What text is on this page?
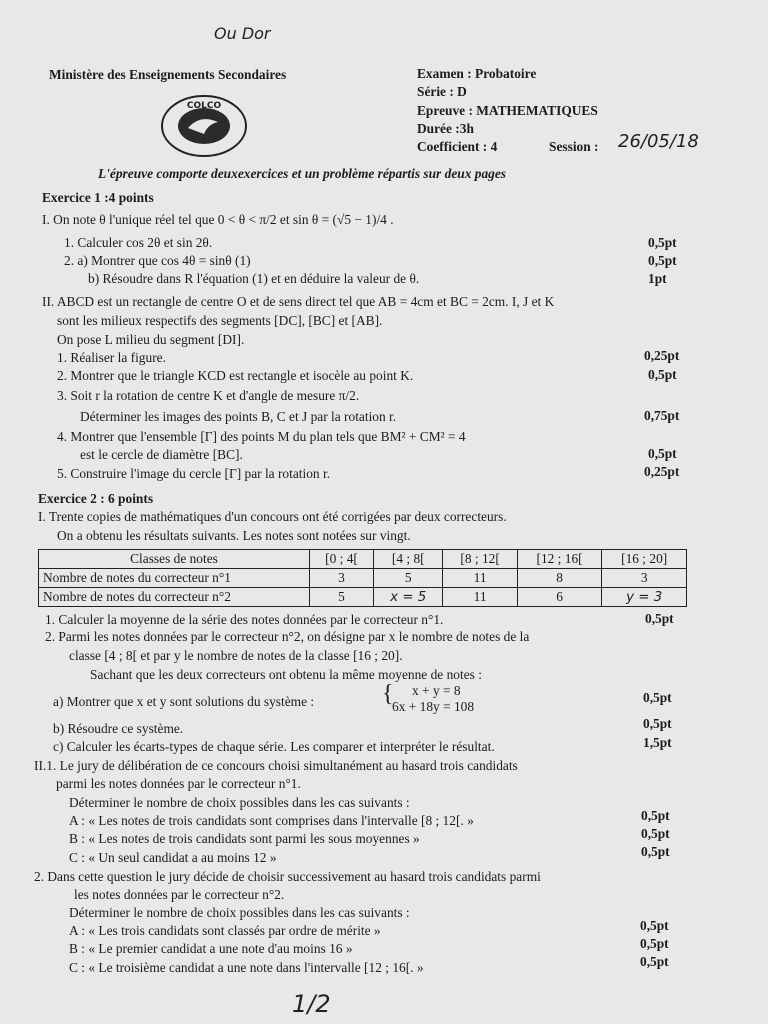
Ou Dor
Ministère des Enseignements Secondaires
COLCO
Examen : Probatoire
Série : D
Epreuve : MATHEMATIQUES
Durée :3h
Coefficient : 4	Session : 26/05/18
L'épreuve comporte deuxexercices et un problème répartis sur deux pages
Exercice 1 :4 points
I. On note θ l'unique réel tel que 0 < θ < π/2 et sin θ = (√5 − 1)/4 .
1. Calculer cos 2θ et sin 2θ.	0,5pt
2. a) Montrer que cos 4θ = sinθ (1)	0,5pt
b) Résoudre dans R l'équation (1) et en déduire la valeur de θ.	1pt
II. ABCD est un rectangle de centre O et de sens direct tel que AB = 4cm et BC = 2cm. I, J et K
sont les milieux respectifs des segments [DC], [BC] et [AB].
On pose L milieu du segment [DI].
1. Réaliser la figure.	0,25pt
2. Montrer que le triangle KCD est rectangle et isocèle au point K.	0,5pt
3. Soit r la rotation de centre K et d'angle de mesure π/2.
Déterminer les images des points B, C et J par la rotation r.	0,75pt
4. Montrer que l'ensemble [Γ] des points M du plan tels que BM² + CM² = 4
est le cercle de diamètre [BC].	0,5pt
5. Construire l'image du cercle [Γ] par la rotation r.	0,25pt
Exercice 2 : 6 points
I. Trente copies de mathématiques d'un concours ont été corrigées par deux correcteurs.
On a obtenu les résultats suivants. Les notes sont notées sur vingt.
Classes de notes	[0 ; 4[	[4 ; 8[	[8 ; 12[	[12 ; 16[	[16 ; 20]
Nombre de notes du correcteur n°1	3	5	11	8	3
Nombre de notes du correcteur n°2	5	x = 5	11	6	y = 3
1. Calculer la moyenne de la série des notes données par le correcteur n°1.	0,5pt
2. Parmi les notes données par le correcteur n°2, on désigne par x le nombre de notes de la
classe [4 ; 8[ et par y le nombre de notes de la classe [16 ; 20].
Sachant que les deux correcteurs ont obtenu la même moyenne de notes :
a) Montrer que x et y sont solutions du système :	{ x + y = 8
6x + 18y = 108
0,5pt
b) Résoudre ce système.	0,5pt
c) Calculer les écarts-types de chaque série. Les comparer et interpréter le résultat.	1,5pt
II.1. Le jury de délibération de ce concours choisi simultanément au hasard trois candidats
parmi les notes données par le correcteur n°1.
Déterminer le nombre de choix possibles dans les cas suivants :
A : « Les notes de trois candidats sont comprises dans l'intervalle [8 ; 12[. »	0,5pt
B : « Les notes de trois candidats sont parmi les sous moyennes »	0,5pt
C : « Un seul candidat a au moins 12 »	0,5pt
2. Dans cette question le jury décide de choisir successivement au hasard trois candidats parmi
les notes données par le correcteur n°2.
Déterminer le nombre de choix possibles dans les cas suivants :
A : « Les trois candidats sont classés par ordre de mérite »	0,5pt
B : « Le premier candidat a une note d'au moins 16 »	0,5pt
C : « Le troisième candidat a une note dans l'intervalle [12 ; 16[. »	0,5pt
1/2
